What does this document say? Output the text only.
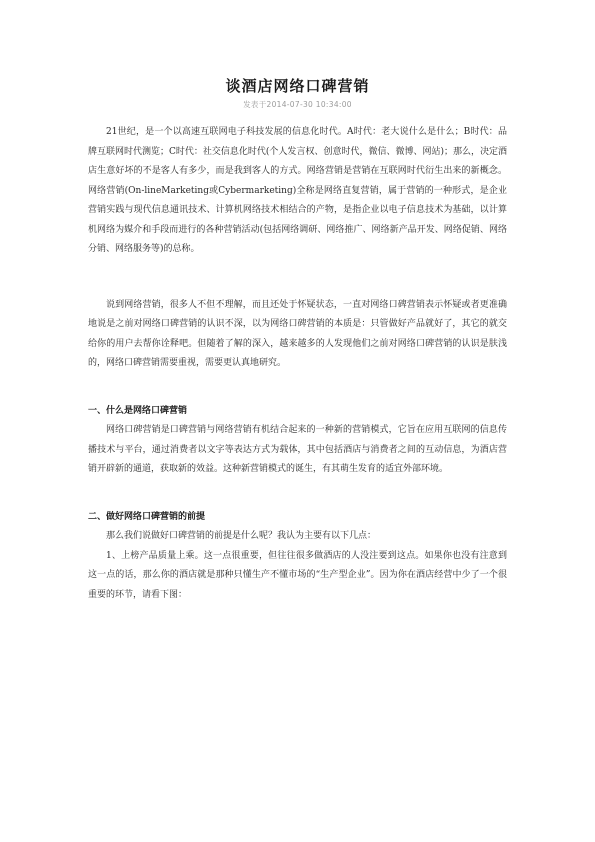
谈酒店网络口碑营销
发表于2014-07-30 10:34:00

21世纪，是一个以高速互联网电子科技发展的信息化时代。A时代：老大说什么是什么；B时代：品牌互联网时代测览；C时代：社交信息化时代(个人发言权、创意时代，微信、微博、网站)；那么，决定酒店生意好坏的不是客人有多少，而是我到客人的方式。网络营销是营销在互联网时代衍生出来的新概念。网络营销(On-lineMarketing或Cybermarketing)全称是网络直复营销，属于营销的一种形式，是企业营销实践与现代信息通讯技术、计算机网络技术相结合的产物，是指企业以电子信息技术为基础，以计算机网络为媒介和手段而进行的各种营销活动(包括网络调研、网络推广、网络新产品开发、网络促销、网络分销、网络服务等)的总称。

说到网络营销，很多人不但不理解，而且还处于怀疑状态，一直对网络口碑营销表示怀疑或者更准确地说是之前对网络口碑营销的认识不深，以为网络口碑营销的本质是：只管做好产品就好了，其它的就交给你的用户去帮你诠释吧。但随着了解的深入，越来越多的人发现他们之前对网络口碑营销的认识是肤浅的，网络口碑营销需要重视，需要更认真地研究。

一、什么是网络口碑营销

网络口碑营销是口碑营销与网络营销有机结合起来的一种新的营销模式，它旨在应用互联网的信息传播技术与平台，通过消费者以文字等表达方式为载体，其中包括酒店与消费者之间的互动信息，为酒店营销开辟新的通道，获取新的效益。这种新营销模式的诞生，有其萌生发育的适宜外部环境。

二、做好网络口碑营销的前提

那么我们说做好口碑营销的前提是什么呢？我认为主要有以下几点：

1、上榜产品质量上乘。这一点很重要，但往往很多做酒店的人没注要到这点。如果你也没有注意到这一点的话，那么你的酒店就是那种只懂生产不懂市场的“生产型企业”。因为你在酒店经营中少了一个很重要的环节，请看下图：
